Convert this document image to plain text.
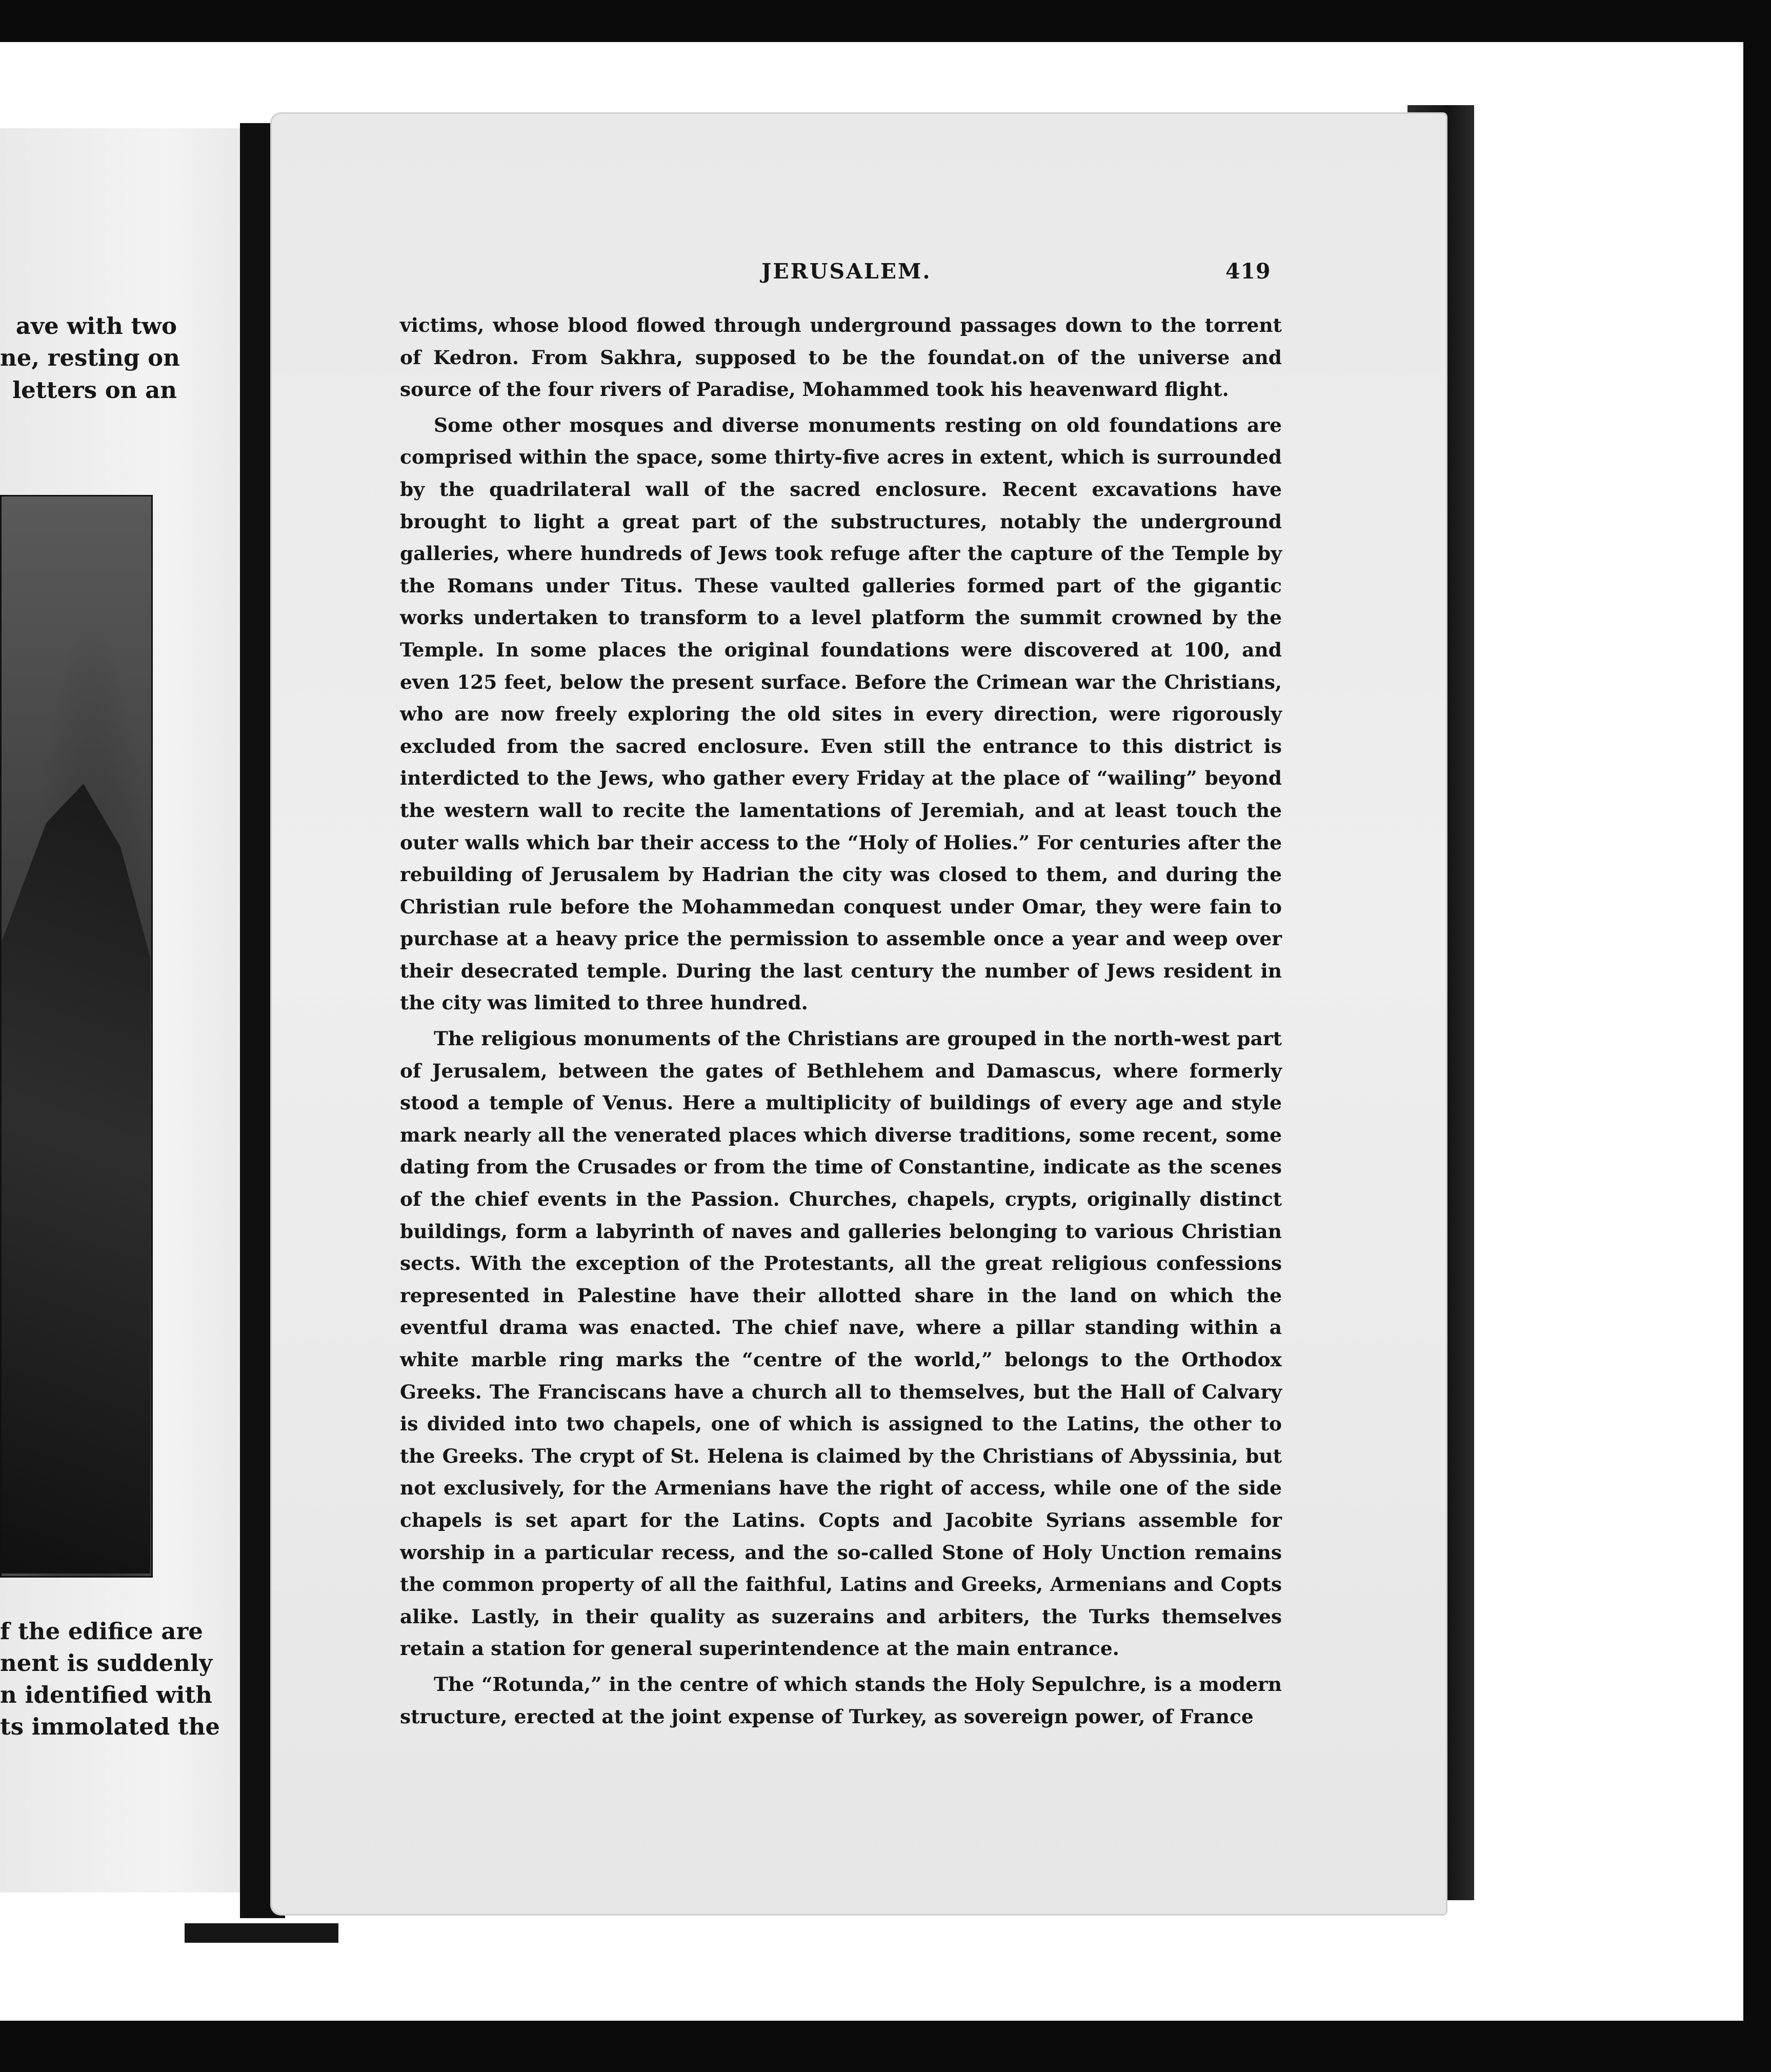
ave with two
ne, resting on
letters on an
f the edifice are
nent is suddenly
n identified with
ts immolated the
JERUSALEM.	419

victims, whose blood flowed through underground passages down to the torrent of Kedron. From Sakhra, supposed to be the foundat.on of the universe and source of the four rivers of Paradise, Mohammed took his heavenward flight.

Some other mosques and diverse monuments resting on old foundations are comprised within the space, some thirty-five acres in extent, which is surrounded by the quadrilateral wall of the sacred enclosure. Recent excavations have brought to light a great part of the substructures, notably the underground galleries, where hundreds of Jews took refuge after the capture of the Temple by the Romans under Titus. These vaulted galleries formed part of the gigantic works undertaken to transform to a level platform the summit crowned by the Temple. In some places the original foundations were discovered at 100, and even 125 feet, below the present surface. Before the Crimean war the Christians, who are now freely exploring the old sites in every direction, were rigorously excluded from the sacred enclosure. Even still the entrance to this district is interdicted to the Jews, who gather every Friday at the place of “wailing” beyond the western wall to recite the lamentations of Jeremiah, and at least touch the outer walls which bar their access to the “Holy of Holies.” For centuries after the rebuilding of Jerusalem by Hadrian the city was closed to them, and during the Christian rule before the Mohammedan conquest under Omar, they were fain to purchase at a heavy price the permission to assemble once a year and weep over their desecrated temple. During the last century the number of Jews resident in the city was limited to three hundred.

The religious monuments of the Christians are grouped in the north-west part of Jerusalem, between the gates of Bethlehem and Damascus, where formerly stood a temple of Venus. Here a multiplicity of buildings of every age and style mark nearly all the venerated places which diverse traditions, some recent, some dating from the Crusades or from the time of Constantine, indicate as the scenes of the chief events in the Passion. Churches, chapels, crypts, originally distinct buildings, form a labyrinth of naves and galleries belonging to various Christian sects. With the exception of the Protestants, all the great religious confessions represented in Palestine have their allotted share in the land on which the eventful drama was enacted. The chief nave, where a pillar standing within a white marble ring marks the “centre of the world,” belongs to the Orthodox Greeks. The Franciscans have a church all to themselves, but the Hall of Calvary is divided into two chapels, one of which is assigned to the Latins, the other to the Greeks. The crypt of St. Helena is claimed by the Christians of Abyssinia, but not exclusively, for the Armenians have the right of access, while one of the side chapels is set apart for the Latins. Copts and Jacobite Syrians assemble for worship in a particular recess, and the so-called Stone of Holy Unction remains the common property of all the faithful, Latins and Greeks, Armenians and Copts alike. Lastly, in their quality as suzerains and arbiters, the Turks themselves retain a station for general superintendence at the main entrance.

The “Rotunda,” in the centre of which stands the Holy Sepulchre, is a modern structure, erected at the joint expense of Turkey, as sovereign power, of France
